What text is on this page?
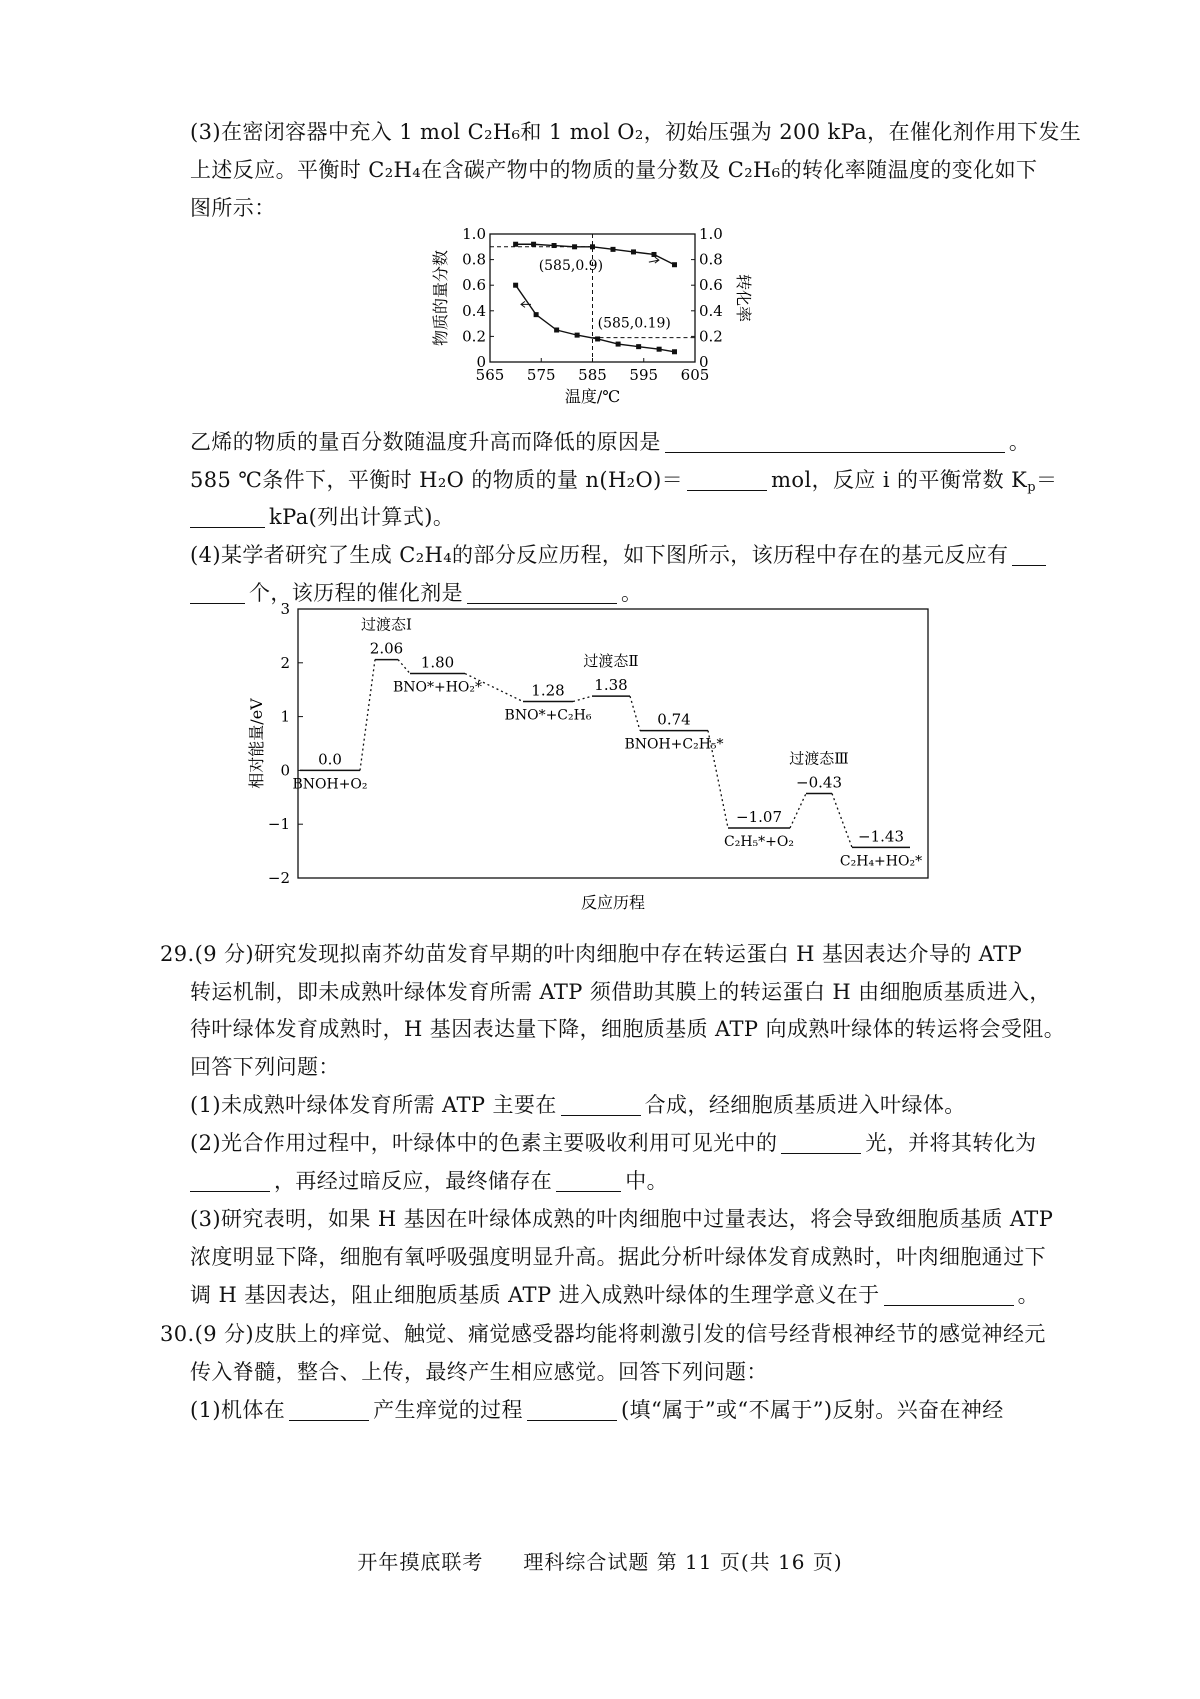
(3)在密闭容器中充入 1 mol C₂H₆和 1 mol O₂，初始压强为 200 kPa，在催化剂作用下发生
上述反应。平衡时 C₂H₄在含碳产物中的物质的量分数及 C₂H₆的转化率随温度的变化如下
图所示：
565 575 585 595 605
0	0
0.2	0.2
0.4	0.4
0.6	0.6
0.8	0.8
1.0	1.0
(585,0.9)
(585,0.19)
温度/℃
物质的量分数	转化率
乙烯的物质的量百分数随温度升高而降低的原因是	。
585 ℃条件下，平衡时 H₂O 的物质的量 n(H₂O)＝	mol，反应 i 的平衡常数 $K_p=$
kPa(列出计算式)。
(4)某学者研究了生成 C₂H₄的部分反应历程，如下图所示，该历程中存在的基元反应有
个，该历程的催化剂是	。
−2
−1
0
1
2
3
相对能量/eV
反应历程
0.0
BNOH+O₂
2.06
过渡态Ⅰ
1.80
BNO*+HO₂*	1.28
BNO*+C₂H₆
1.38
过渡态Ⅱ
0.74
BNOH+C₂H₅*
−1.07
C₂H₅*+O₂
−0.43
过渡态Ⅲ
−1.43
C₂H₄+HO₂*
29.(9 分)研究发现拟南芥幼苗发育早期的叶肉细胞中存在转运蛋白 H 基因表达介导的 ATP
转运机制，即未成熟叶绿体发育所需 ATP 须借助其膜上的转运蛋白 H 由细胞质基质进入，
待叶绿体发育成熟时，H 基因表达量下降，细胞质基质 ATP 向成熟叶绿体的转运将会受阻。
回答下列问题：
(1)未成熟叶绿体发育所需 ATP 主要在	合成，经细胞质基质进入叶绿体。
(2)光合作用过程中，叶绿体中的色素主要吸收利用可见光中的	光，并将其转化为
，再经过暗反应，最终储存在	中。
(3)研究表明，如果 H 基因在叶绿体成熟的叶肉细胞中过量表达，将会导致细胞质基质 ATP
浓度明显下降，细胞有氧呼吸强度明显升高。据此分析叶绿体发育成熟时，叶肉细胞通过下
调 H 基因表达，阻止细胞质基质 ATP 进入成熟叶绿体的生理学意义在于	。
30.(9 分)皮肤上的痒觉、触觉、痛觉感受器均能将刺激引发的信号经背根神经节的感觉神经元
传入脊髓，整合、上传，最终产生相应感觉。回答下列问题：
(1)机体在	产生痒觉的过程	(填“属于”或“不属于”)反射。兴奋在神经
开年摸底联考 理科综合试题 第 11 页(共 16 页)
